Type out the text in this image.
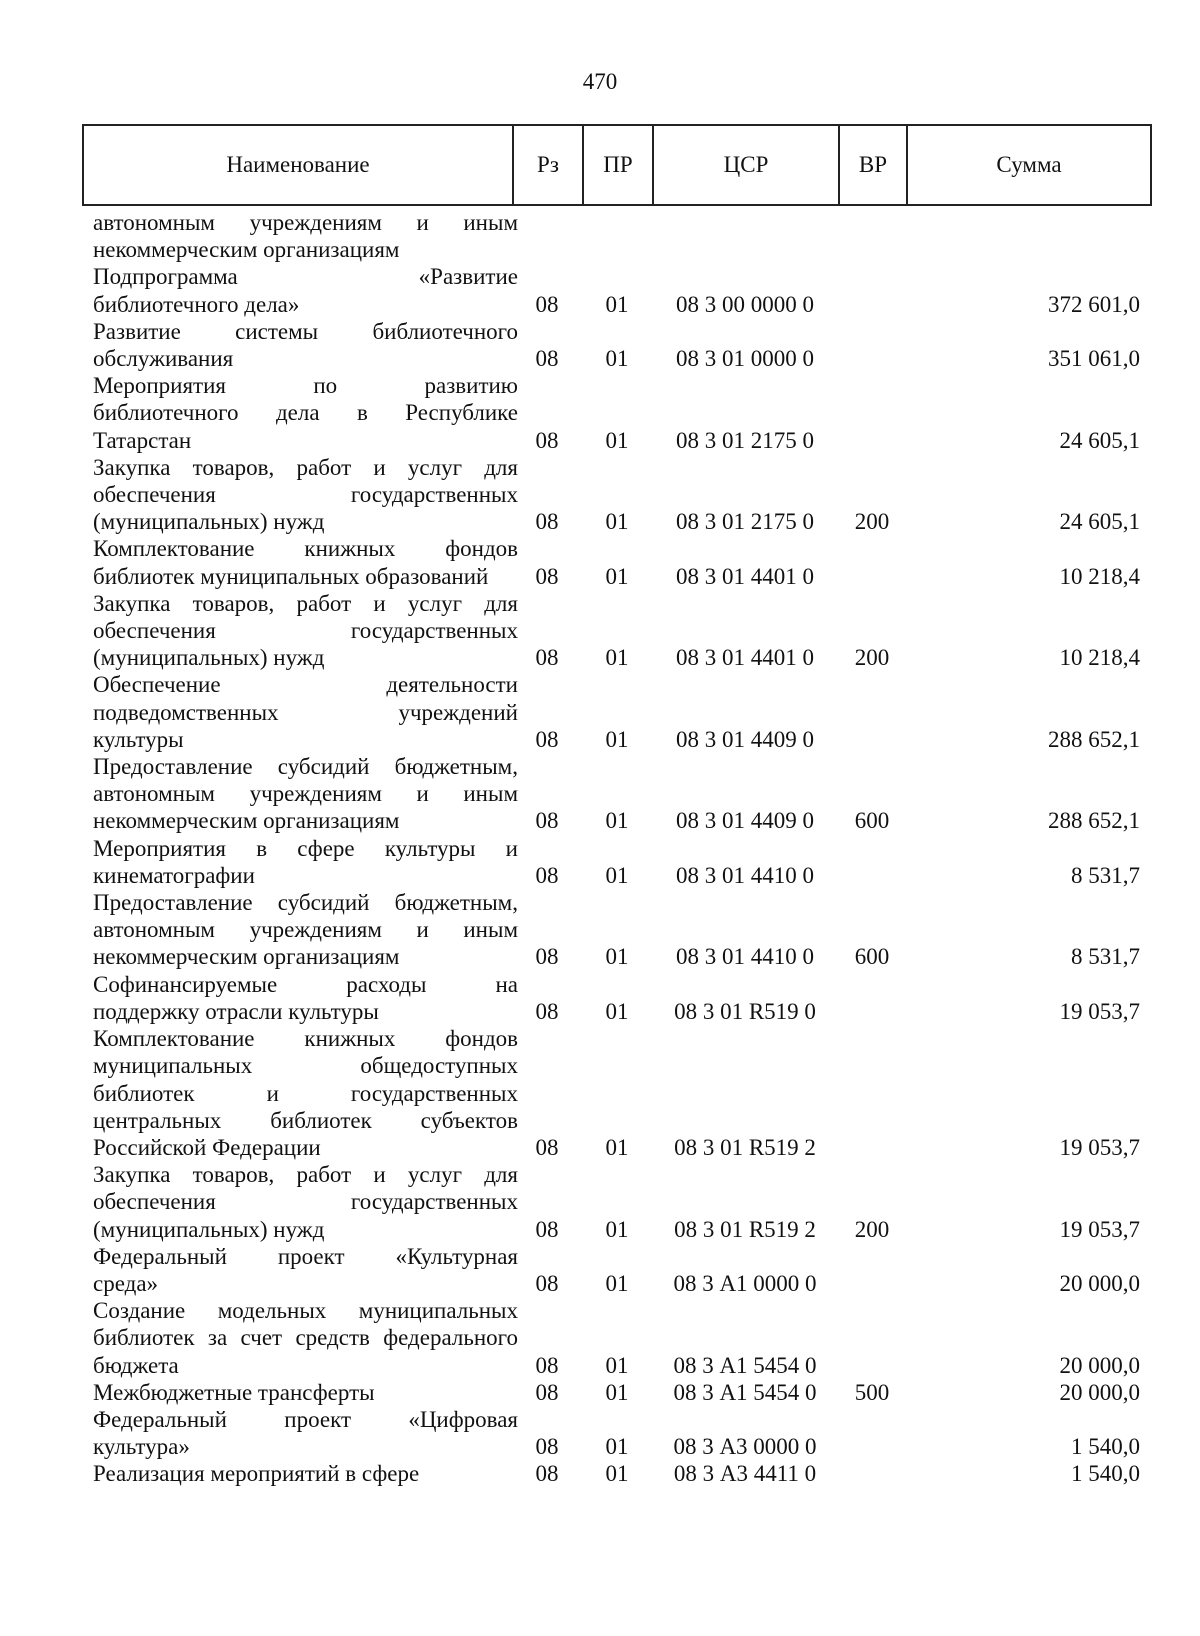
470
Наименование	Рз	ПР	ЦСР	ВР	Сумма
автономным учреждениям и иным
некоммерческим организациям					

Подпрограмма «Развитие
библиотечного дела»	08	01	08 3 00 0000 0		372 601,0

Развитие системы библиотечного
обслуживания	08	01	08 3 01 0000 0		351 061,0

Мероприятия по развитию
библиотечного дела в Республике
Татарстан	08	01	08 3 01 2175 0		24 605,1

Закупка товаров, работ и услуг для
обеспечения государственных
(муниципальных) нужд	08	01	08 3 01 2175 0	200	24 605,1

Комплектование книжных фондов
библиотек муниципальных образований	08	01	08 3 01 4401 0		10 218,4

Закупка товаров, работ и услуг для
обеспечения государственных
(муниципальных) нужд	08	01	08 3 01 4401 0	200	10 218,4

Обеспечение деятельности
подведомственных учреждений
культуры	08	01	08 3 01 4409 0		288 652,1

Предоставление субсидий бюджетным,
автономным учреждениям и иным
некоммерческим организациям	08	01	08 3 01 4409 0	600	288 652,1

Мероприятия в сфере культуры и
кинематографии	08	01	08 3 01 4410 0		8 531,7

Предоставление субсидий бюджетным,
автономным учреждениям и иным
некоммерческим организациям	08	01	08 3 01 4410 0	600	8 531,7

Софинансируемые расходы на
поддержку отрасли культуры	08	01	08 3 01 R519 0		19 053,7

Комплектование книжных фондов
муниципальных общедоступных
библиотек и государственных
центральных библиотек субъектов
Российской Федерации	08	01	08 3 01 R519 2		19 053,7

Закупка товаров, работ и услуг для
обеспечения государственных
(муниципальных) нужд	08	01	08 3 01 R519 2	200	19 053,7

Федеральный проект «Культурная
среда»	08	01	08 3 А1 0000 0		20 000,0

Создание модельных муниципальных
библиотек за счет средств федерального
бюджета	08	01	08 3 А1 5454 0		20 000,0

Межбюджетные трансферты	08	01	08 3 А1 5454 0	500	20 000,0

Федеральный проект «Цифровая
культура»	08	01	08 3 А3 0000 0		1 540,0

Реализация мероприятий в сфере	08	01	08 3 А3 4411 0		1 540,0
